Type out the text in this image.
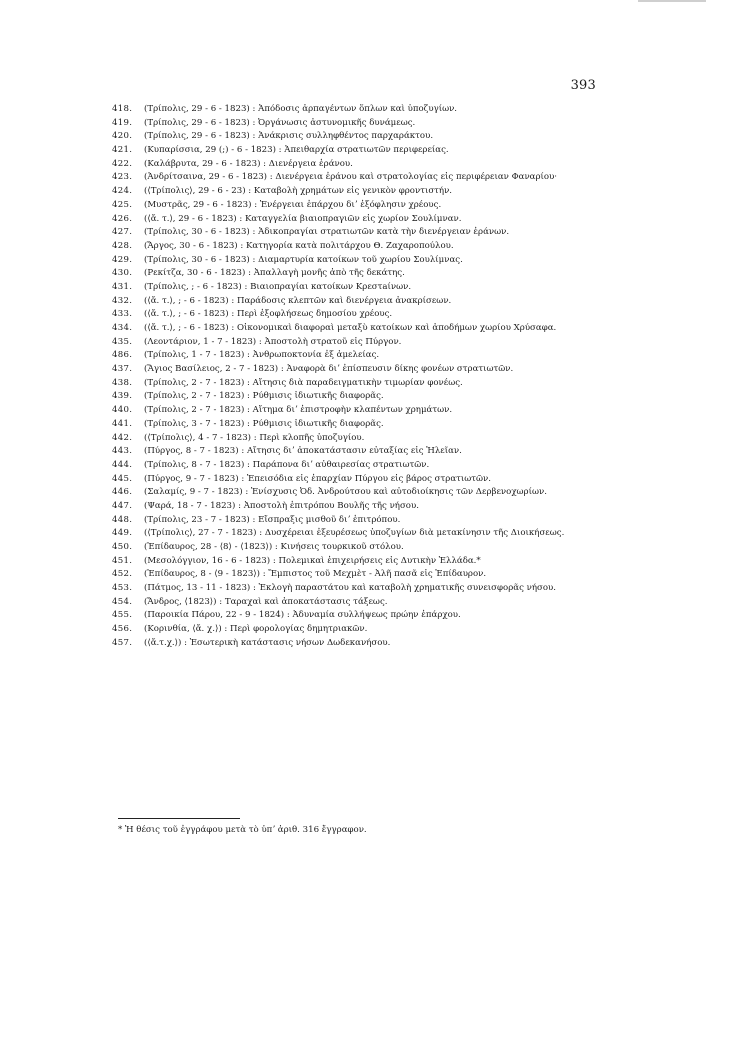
393
418.	(Τρίπολις, 29 - 6 - 1823) : Ἀπόδοσις ἁρπαγέντων ὅπλων καὶ ὑποζυγίων.
419.	(Τρίπολις, 29 - 6 - 1823) : Ὀργάνωσις ἀστυνομικῆς δυνάμεως.
420.	(Τρίπολις, 29 - 6 - 1823) : Ἀνάκρισις συλληφθέντος παρχαράκτου.
421.	(Κυπαρίσσια, 29 (;) - 6 - 1823) : Ἀπειθαρχία στρατιωτῶν περιφερείας.
422.	(Καλάβρυτα, 29 - 6 - 1823) : Διενέργεια ἐράνου.
423.	(Ἀνδρίτσαινα, 29 - 6 - 1823) : Διενέργεια ἐράνου καὶ στρατολογίας εἰς περιφέρειαν Φαναρίου·
424.	(⟨Τρίπολις⟩, 29 - 6 - 23) : Καταβολὴ χρημάτων εἰς γενικὸν φροντιστήν.
425.	(Μυστρᾶς, 29 - 6 - 1823) : Ἐνέργειαι ἐπάρχου διʼ ἐξόφλησιν χρέους.
426.	(⟨ἄ. τ.⟩, 29 - 6 - 1823) : Καταγγελία βιαιοπραγιῶν εἰς χωρίον Σουλίμναν.
427.	(Τρίπολις, 30 - 6 - 1823) : Ἀδικοπραγίαι στρατιωτῶν κατὰ τὴν διενέργειαν ἐράνων.
428.	(Ἄργος, 30 - 6 - 1823) : Κατηγορία κατὰ πολιτάρχου Θ. Ζαχαροπούλου.
429.	(Τρίπολις, 30 - 6 - 1823) : Διαμαρτυρία κατοίκων τοῦ χωρίου Σουλίμνας.
430.	(Ρεκίτζα, 30 - 6 - 1823) : Ἀπαλλαγὴ μονῆς ἀπὸ τῆς δεκάτης.
431.	(Τρίπολις, ; - 6 - 1823) : Βιαιοπραγίαι κατοίκων Κρεστaίνων.
432.	(⟨ἄ. τ.⟩, ; - 6 - 1823) : Παράδοσις κλεπτῶν καὶ διενέργεια ἀνακρίσεων.
433.	(⟨ἄ. τ.⟩, ; - 6 - 1823) : Περὶ ἐξοφλήσεως δημοσίου χρέους.
434.	(⟨ἄ. τ.⟩, ; - 6 - 1823) : Οἰκονομικαὶ διαφοραὶ μεταξὺ κατοίκων καὶ ἀποδήμων χωρίου Χρύσαφα.
435.	(Λεοντάριον, 1 - 7 - 1823) : Ἀποστολὴ στρατοῦ εἰς Πύργον.
486.	(Τρίπολις, 1 - 7 - 1823) : Ἀνθρωποκτονία ἐξ ἀμελείας.
437.	(Ἅγιος Βασίλειος, 2 - 7 - 1823) : Ἀναφορὰ διʼ ἐπίσπευσιν δίκης φονέων στρατιωτῶν.
438.	(Τρίπολις, 2 - 7 - 1823) : Αἴτησις διὰ παραδειγματικὴν τιμωρίαν φονέως.
439.	(Τρίπολις, 2 - 7 - 1823) : Ρύθμισις ἰδιωτικῆς διαφορᾶς.
440.	(Τρίπολις, 2 - 7 - 1823) : Αἴτημα διʼ ἐπιστροφὴν κλαπέντων χρημάτων.
441.	(Τρίπολις, 3 - 7 - 1823) : Ρύθμισις ἰδιωτικῆς διαφορᾶς.
442.	(⟨Τρίπολις⟩, 4 - 7 - 1823) : Περὶ κλοπῆς ὑποζυγίου.
443.	(Πύργος, 8 - 7 - 1823) : Αἴτησις διʼ ἀποκατάστασιν εὐταξίας εἰς Ἠλεῖαν.
444.	(Τρίπολις, 8 - 7 - 1823) : Παράπονα διʼ αὐθαιρεσίας στρατιωτῶν.
445.	(Πύργος, 9 - 7 - 1823) : Ἐπεισόδια εἰς ἐπαρχίαν Πύργου εἰς βάρος στρατιωτῶν.
446.	(Σαλαμίς, 9 - 7 - 1823) : Ἐνίσχυσις Ὀδ. Ἀνδρούτσου καὶ αὐτοδιοίκησις τῶν Δερβενοχωρίων.
447.	(Ψαρά, 18 - 7 - 1823) : Ἀποστολὴ ἐπιτρόπου Βουλῆς τῆς νήσου.
448.	(Τρίπολις, 23 - 7 - 1823) : Εἴσπραξις μισθοῦ διʼ ἐπιτρόπου.
449.	(⟨Τρίπολις⟩, 27 - 7 - 1823) : Δυσχέρειαι ἐξευρέσεως ὑποζυγίων διὰ μετακίνησιν τῆς Διοικήσεως.
450.	(Ἐπίδαυρος, 28 - ⟨8⟩ - ⟨1823⟩) : Κινήσεις τουρκικοῦ στόλου.
451.	(Μεσολόγγιον, 16 - 6 - 1823) : Πολεμικαὶ ἐπιχειρήσεις εἰς Δυτικὴν Ἑλλάδα.*
452.	(Ἐπίδαυρος, 8 - ⟨9 - 1823⟩) : Ἔμπιστος τοῦ Μεχμὲτ - Ἀλῆ πασᾶ εἰς Ἐπίδαυρον.
453.	(Πάτμος, 13 - 11 - 1823) : Ἐκλογὴ παραστάτου καὶ καταβολὴ χρηματικῆς συνεισφορᾶς νήσου.
454.	(Ἄνδρος, ⟨1823⟩) : Ταραχαὶ καὶ ἀποκατάστασις τάξεως.
455.	(Παροικία Πάρου, 22 - 9 - 1824) : Ἀδυναμία συλλήψεως πρώην ἐπάρχου.
456.	(Κορινθία, ⟨ἄ. χ.⟩) : Περὶ φορολογίας δημητριακῶν.
457.	(⟨ἄ.τ.χ.⟩) : Ἐσωτερικὴ κατάστασις νήσων Δωδεκανήσου.
* Ἡ θέσις τοῦ ἐγγράφου μετὰ τὸ ὑπʼ ἀριθ. 316 ἔγγραφον.
